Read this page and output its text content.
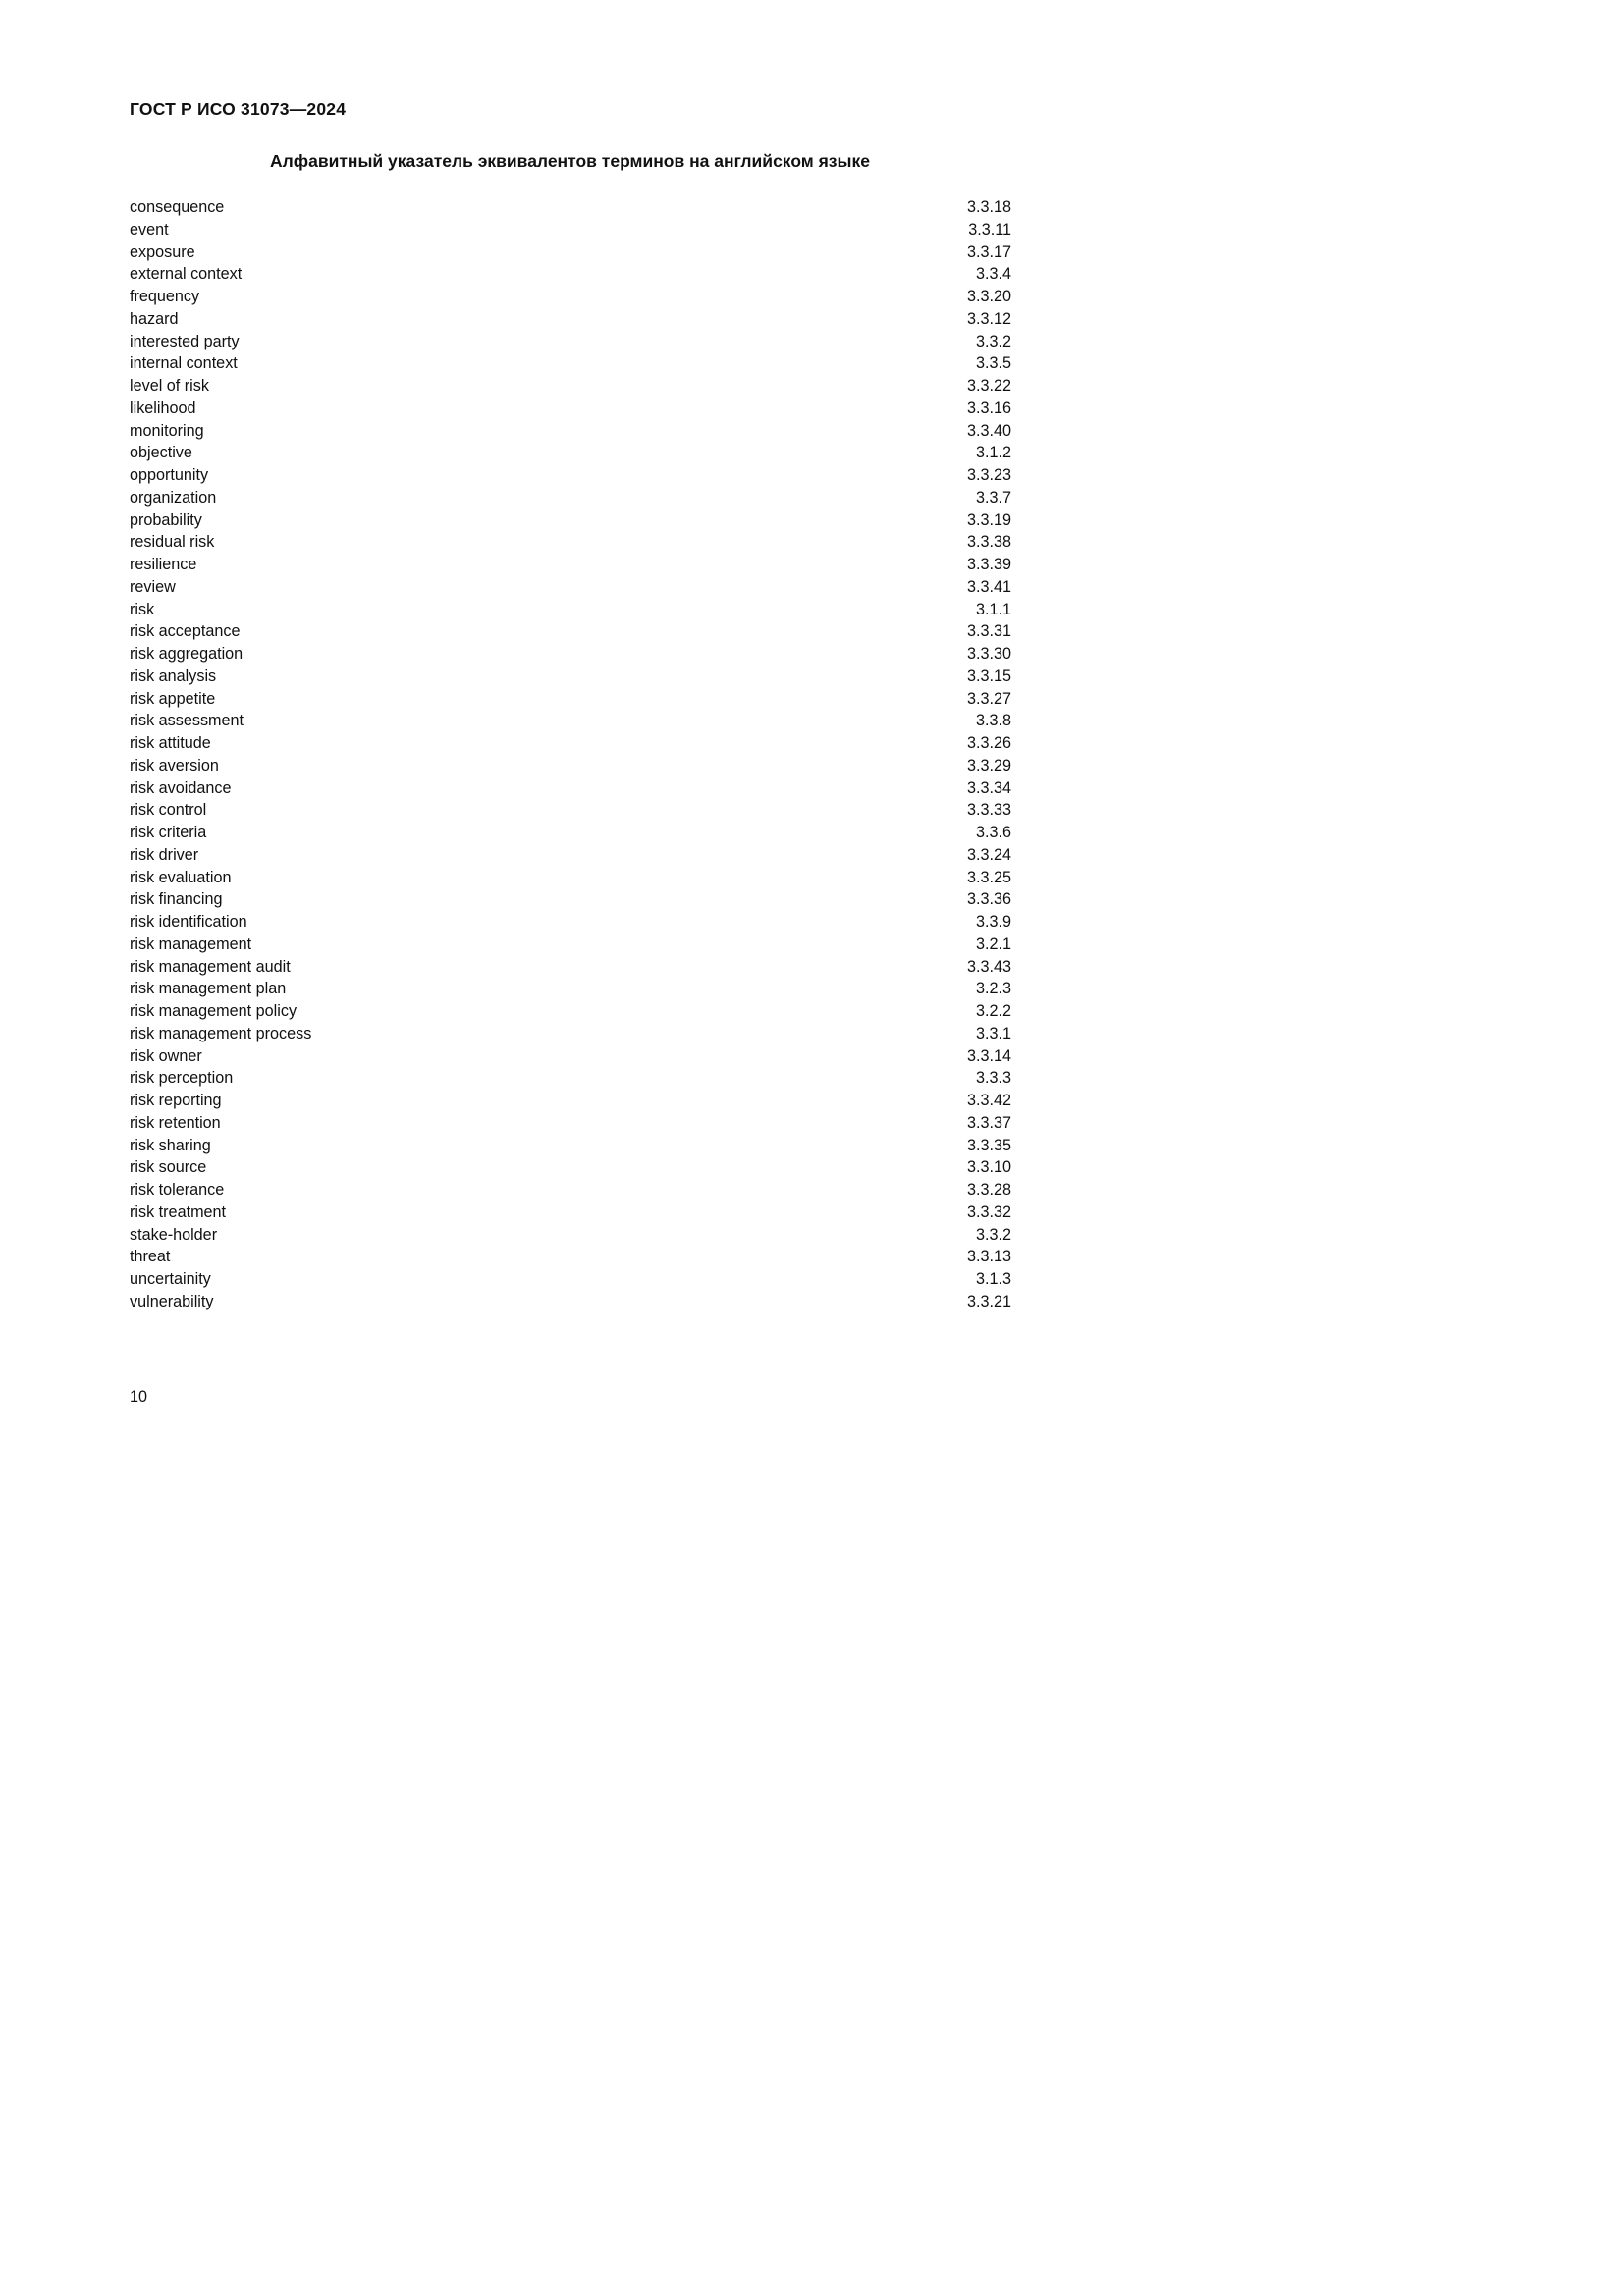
ГОСТ Р ИСО 31073—2024
Алфавитный указатель эквивалентов терминов на английском языке
consequence	3.3.18
event	3.3.11
exposure	3.3.17
external context	3.3.4
frequency	3.3.20
hazard	3.3.12
interested party	3.3.2
internal context	3.3.5
level of risk	3.3.22
likelihood	3.3.16
monitoring	3.3.40
objective	3.1.2
opportunity	3.3.23
organization	3.3.7
probability	3.3.19
residual risk	3.3.38
resilience	3.3.39
review	3.3.41
risk	3.1.1
risk acceptance	3.3.31
risk aggregation	3.3.30
risk analysis	3.3.15
risk appetite	3.3.27
risk assessment	3.3.8
risk attitude	3.3.26
risk aversion	3.3.29
risk avoidance	3.3.34
risk control	3.3.33
risk criteria	3.3.6
risk driver	3.3.24
risk evaluation	3.3.25
risk financing	3.3.36
risk identification	3.3.9
risk management	3.2.1
risk management audit	3.3.43
risk management plan	3.2.3
risk management policy	3.2.2
risk management process	3.3.1
risk owner	3.3.14
risk perception	3.3.3
risk reporting	3.3.42
risk retention	3.3.37
risk sharing	3.3.35
risk source	3.3.10
risk tolerance	3.3.28
risk treatment	3.3.32
stake-holder	3.3.2
threat	3.3.13
uncertainity	3.1.3
vulnerability	3.3.21
10
